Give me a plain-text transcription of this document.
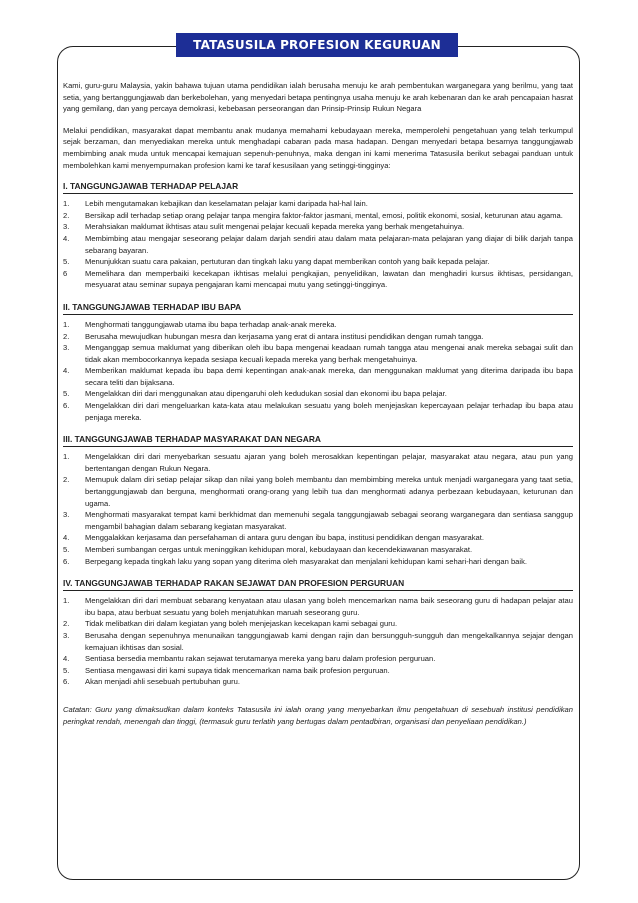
TATASUSILA PROFESION KEGURUAN

Kami, guru-guru Malaysia, yakin bahawa tujuan utama pendidikan ialah berusaha menuju ke arah pembentukan warganegara yang berilmu, yang taat setia, yang bertanggungjawab dan berkebolehan, yang menyedari betapa pentingnya usaha menuju ke arah kebenaran dan ke arah pencapaian hasrat yang gemilang, dan yang percaya demokrasi, kebebasan perseorangan dan Prinsip-Prinsip Rukun Negara

Melalui pendidikan, masyarakat dapat membantu anak mudanya memahami kebudayaan mereka, memperolehi pengetahuan yang telah terkumpul sejak berzaman, dan menyediakan mereka untuk menghadapi cabaran pada masa hadapan. Dengan menyedari betapa besarnya tanggungjawab membimbing anak muda untuk mencapai kemajuan sepenuh-penuhnya, maka dengan ini kami menerima Tatasusila berikut sebagai panduan untuk membolehkan kami menyempurnakan profesion kami ke taraf kesusilaan yang setinggi-tingginya:

I. TANGGUNGJAWAB TERHADAP PELAJAR
1.	Lebih mengutamakan kebajikan dan keselamatan pelajar kami daripada hal-hal lain.
2.	Bersikap adil terhadap setiap orang pelajar tanpa mengira faktor-faktor jasmani, mental, emosi, politik ekonomi, sosial, keturunan atau agama.
3.	Merahsiakan maklumat ikhtisas atau sulit mengenai pelajar kecuali kepada mereka yang berhak mengetahuinya.
4.	Membimbing atau mengajar seseorang pelajar dalam darjah sendiri atau dalam mata pelajaran-mata pelajaran yang diajar di bilik darjah tanpa sebarang bayaran.
5.	Menunjukkan suatu cara pakaian, pertuturan dan tingkah laku yang dapat memberikan contoh yang baik kepada pelajar.
6	Memelihara dan memperbaiki kecekapan ikhtisas melalui pengkajian, penyelidikan, lawatan dan menghadiri kursus ikhtisas, persidangan, mesyuarat atau seminar supaya pengajaran kami mencapai mutu yang setinggi-tingginya.
II. TANGGUNGJAWAB TERHADAP IBU BAPA
1.	Menghormati tanggungjawab utama ibu bapa terhadap anak-anak mereka.
2.	Berusaha mewujudkan hubungan mesra dan kerjasama yang erat di antara institusi pendidikan dengan rumah tangga.
3.	Menganggap semua maklumat yang diberikan oleh ibu bapa mengenai keadaan rumah tangga atau mengenai anak mereka sebagai sulit dan tidak akan membocorkannya kepada sesiapa kecuali kepada mereka yang berhak mengetahuinya.
4.	Memberikan maklumat kepada ibu bapa demi kepentingan anak-anak mereka, dan menggunakan maklumat yang diterima daripada ibu bapa secara teliti dan bijaksana.
5.	Mengelakkan diri dari menggunakan atau dipengaruhi oleh kedudukan sosial dan ekonomi ibu bapa pelajar.
6.	Mengelakkan diri dari mengeluarkan kata-kata atau melakukan sesuatu yang boleh menjejaskan kepercayaan pelajar terhadap ibu bapa atau penjaga mereka.
III. TANGGUNGJAWAB TERHADAP MASYARAKAT DAN NEGARA
1.	Mengelakkan diri dari menyebarkan sesuatu ajaran yang boleh merosakkan kepentingan pelajar, masyarakat atau negara, atau pun yang bertentangan dengan Rukun Negara.
2.	Memupuk dalam diri setiap pelajar sikap dan nilai yang boleh membantu dan membimbing mereka untuk menjadi warganegara yang taat setia, bertanggungjawab dan berguna, menghormati orang-orang yang lebih tua dan menghormati adanya perbezaan kebudayaan, keturunan dan ugama.
3.	Menghormati masyarakat tempat kami berkhidmat dan memenuhi segala tanggungjawab sebagai seorang warganegara dan sentiasa sanggup mengambil bahagian dalam sebarang kegiatan masyarakat.
4.	Menggalakkan kerjasama dan persefahaman di antara guru dengan ibu bapa, institusi pendidikan dengan masyarakat.
5.	Memberi sumbangan cergas untuk meninggikan kehidupan moral, kebudayaan dan kecendekiawanan masyarakat.
6.	Berpegang kepada tingkah laku yang sopan yang diterima oleh masyarakat dan menjalani kehidupan kami sehari-hari dengan baik.
IV. TANGGUNGJAWAB TERHADAP RAKAN SEJAWAT DAN PROFESION PERGURUAN
1.	Mengelakkan diri dari membuat sebarang kenyataan atau ulasan yang boleh mencemarkan nama baik seseorang guru di hadapan pelajar atau ibu bapa, atau berbuat sesuatu yang boleh menjatuhkan maruah seseorang guru.
2.	Tidak melibatkan diri dalam kegiatan yang boleh menjejaskan kecekapan kami sebagai guru.
3.	Berusaha dengan sepenuhnya menunaikan tanggungjawab kami dengan rajin dan bersungguh-sungguh dan mengekalkannya sejajar dengan kemajuan ikhtisas dan sosial.
4.	Sentiasa bersedia membantu rakan sejawat terutamanya mereka yang baru dalam profesion perguruan.
5.	Sentiasa mengawasi diri kami supaya tidak mencemarkan nama baik profesion perguruan.
6.	Akan menjadi ahli sesebuah pertubuhan guru.

Catatan: Guru yang dimaksudkan dalam konteks Tatasusila ini ialah orang yang menyebarkan ilmu pengetahuan di sesebuah institusi pendidikan peringkat rendah, menengah dan tinggi, (termasuk guru terlatih yang bertugas dalam pentadbiran, organisasi dan penyeliaan pendidikan.)
